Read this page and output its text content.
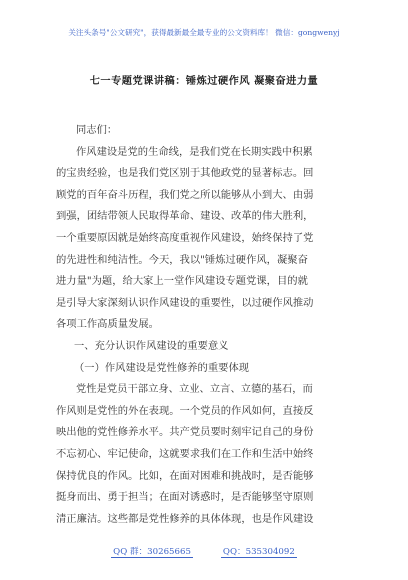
关注头条号"公文研究"，获得最新最全最专业的公文资料库！ 微信：gongwenyj
七一专题党课讲稿：锤炼过硬作风 凝聚奋进力量
同志们：
作风建设是党的生命线，是我们党在长期实践中积累
的宝贵经验，也是我们党区别于其他政党的显著标志。回
顾党的百年奋斗历程，我们党之所以能够从小到大、由弱
到强，团结带领人民取得革命、建设、改革的伟大胜利，
一个重要原因就是始终高度重视作风建设，始终保持了党
的先进性和纯洁性。今天，我以"锤炼过硬作风，凝聚奋
进力量"为题，给大家上一堂作风建设专题党课，目的就
是引导大家深刻认识作风建设的重要性，以过硬作风推动
各项工作高质量发展。
一、充分认识作风建设的重要意义
（一）作风建设是党性修养的重要体现
党性是党员干部立身、立业、立言、立德的基石，而
作风则是党性的外在表现。一个党员的作风如何，直接反
映出他的党性修养水平。共产党员要时刻牢记自己的身份
不忘初心、牢记使命，这就要求我们在工作和生活中始终
保持优良的作风。比如，在面对困难和挑战时，是否能够
挺身而出、勇于担当；在面对诱惑时，是否能够坚守原则
清正廉洁。这些都是党性修养的具体体现，也是作风建设
QQ 群：30265665	QQ：535304092
